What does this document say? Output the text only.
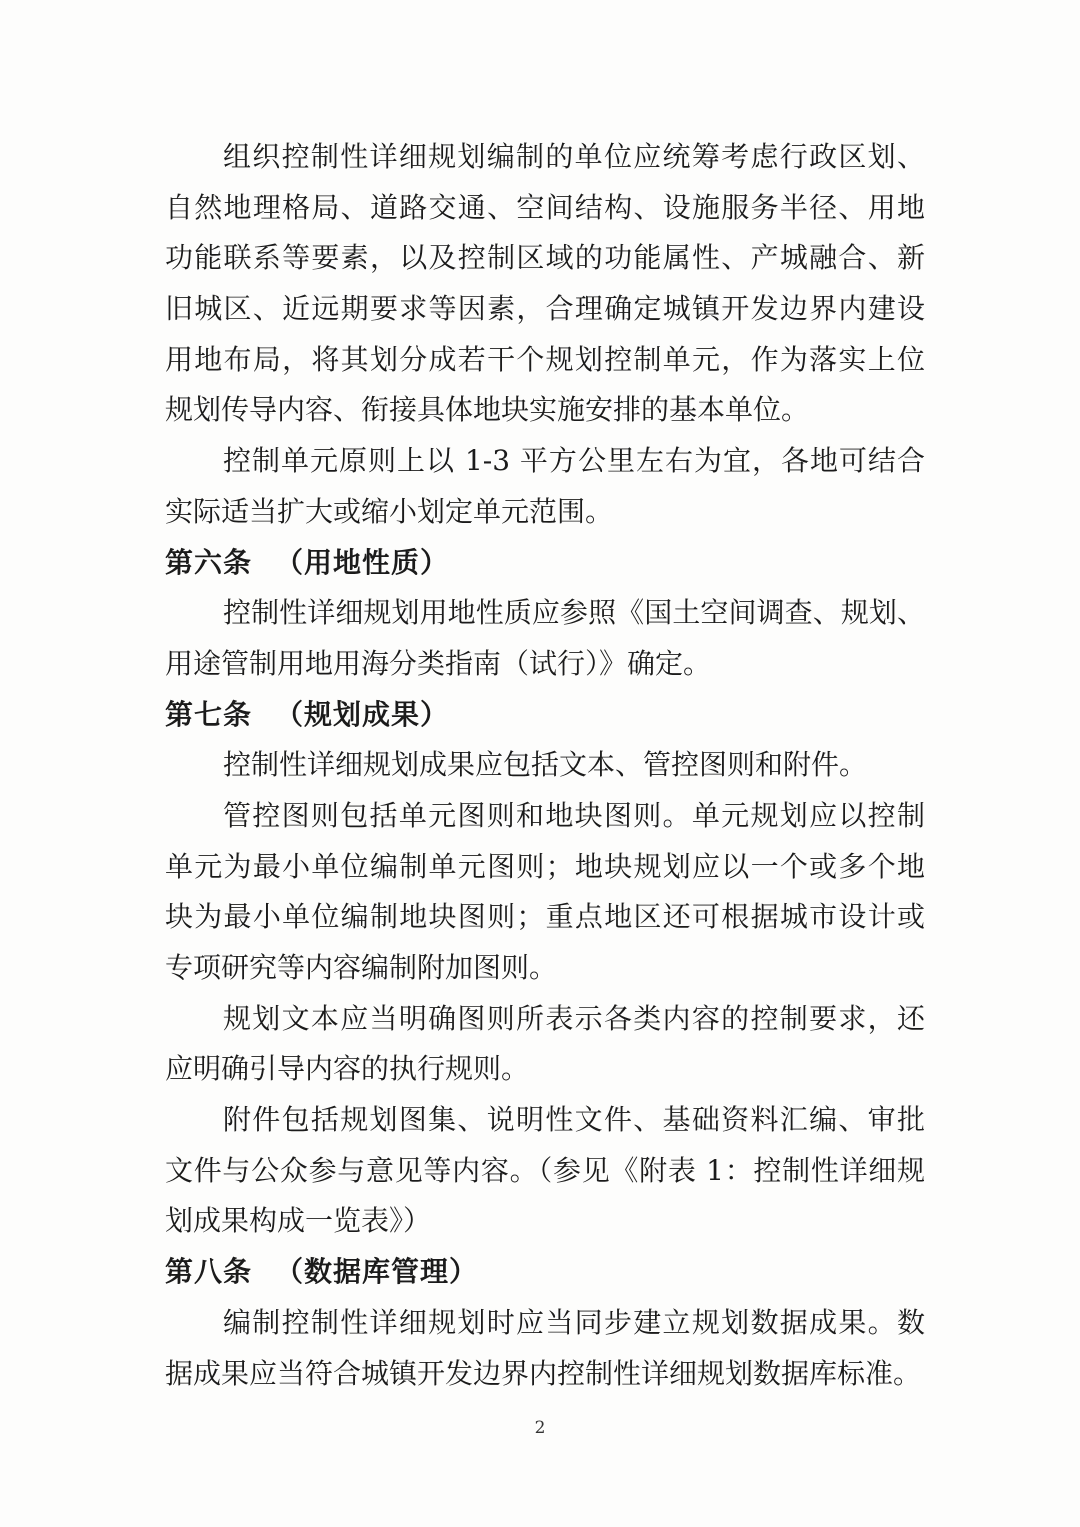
组织控制性详细规划编制的单位应统筹考虑行政区划、
自然地理格局、道路交通、空间结构、设施服务半径、用地
功能联系等要素，以及控制区域的功能属性、产城融合、新
旧城区、近远期要求等因素，合理确定城镇开发边界内建设
用地布局，将其划分成若干个规划控制单元，作为落实上位
规划传导内容、衔接具体地块实施安排的基本单位。
控制单元原则上以 1-3 平方公里左右为宜，各地可结合
实际适当扩大或缩小划定单元范围。
第六条 （用地性质）
控制性详细规划用地性质应参照《国土空间调查、规划、
用途管制用地用海分类指南（试行）》确定。
第七条 （规划成果）
控制性详细规划成果应包括文本、管控图则和附件。
管控图则包括单元图则和地块图则。单元规划应以控制
单元为最小单位编制单元图则；地块规划应以一个或多个地
块为最小单位编制地块图则；重点地区还可根据城市设计或
专项研究等内容编制附加图则。
规划文本应当明确图则所表示各类内容的控制要求，还
应明确引导内容的执行规则。
附件包括规划图集、说明性文件、基础资料汇编、审批
文件与公众参与意见等内容。（参见《附表 1：控制性详细规
划成果构成一览表》）
第八条 （数据库管理）
编制控制性详细规划时应当同步建立规划数据成果。数
据成果应当符合城镇开发边界内控制性详细规划数据库标准。
2
